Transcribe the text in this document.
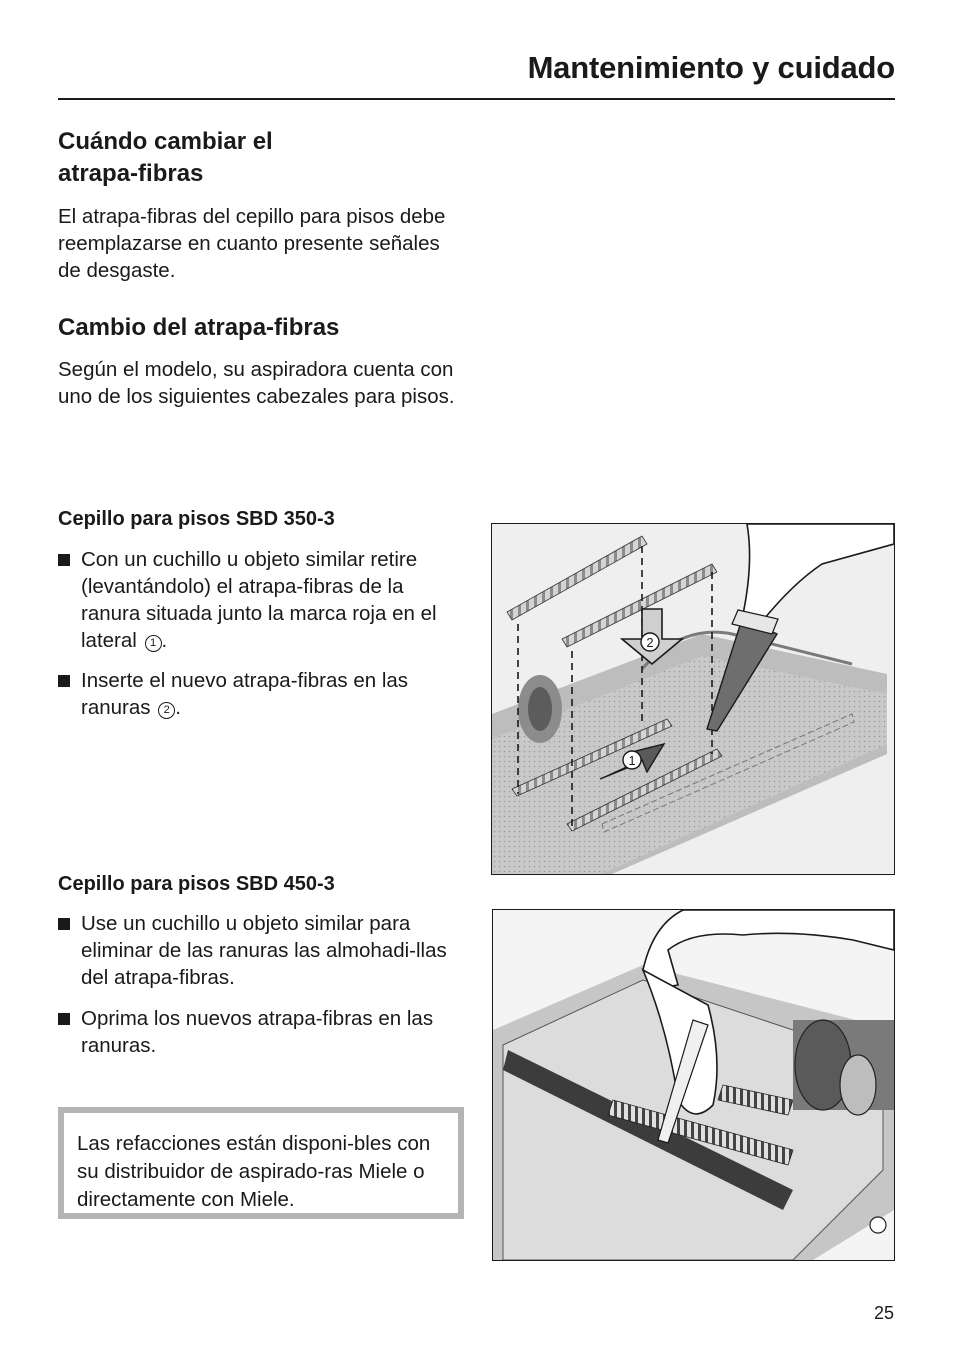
Mantenimiento y cuidado
Cuándo cambiar el
atrapa-fibras

El atrapa-fibras del cepillo para pisos debe reemplazarse en cuanto presente señales de desgaste.

Cambio del atrapa-fibras

Según el modelo, su aspiradora cuenta con uno de los siguientes cabezales para pisos.

Cepillo para pisos SBD 350-3
Con un cuchillo u objeto similar retire (levantándolo) el atrapa-fibras de la ranura situada junto la marca roja en el lateral 1 .
Inserte el nuevo atrapa-fibras en las ranuras 2 .
2
1
Cepillo para pisos SBD 450-3
Use un cuchillo u objeto similar para eliminar de las ranuras las almohadi-llas del atrapa-fibras.
Oprima los nuevos atrapa-fibras en las ranuras.

Las refacciones están disponi-bles con su distribuidor de aspirado-ras Miele o directamente con Miele.

25
